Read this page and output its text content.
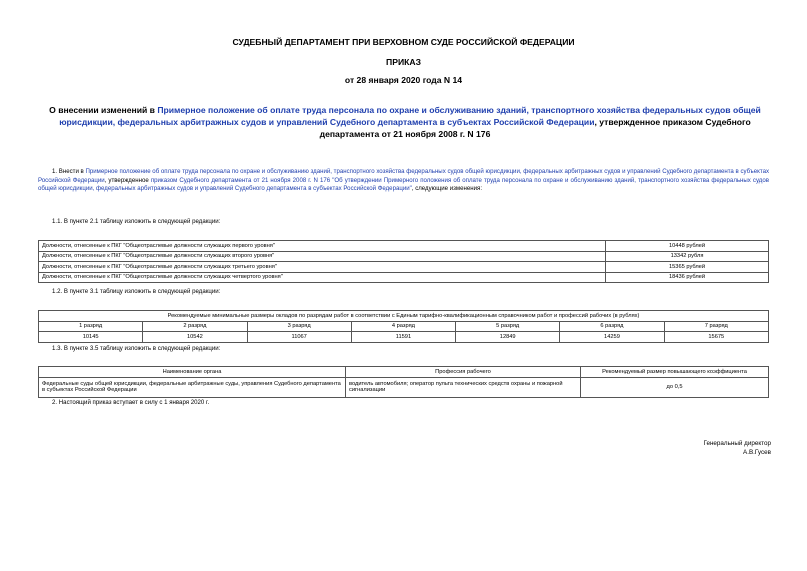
СУДЕБНЫЙ ДЕПАРТАМЕНТ ПРИ ВЕРХОВНОМ СУДЕ РОССИЙСКОЙ ФЕДЕРАЦИИ
ПРИКАЗ
от 28 января 2020 года N 14
О внесении изменений в Примерное положение об оплате труда персонала по охране и обслуживанию зданий, транспортного хозяйства федеральных судов общей юрисдикции, федеральных арбитражных судов и управлений Судебного департамента в субъектах Российской Федерации, утвержденное приказом Судебного департамента от 21 ноября 2008 г. N 176
1. Внести в Примерное положение об оплате труда персонала по охране и обслуживанию зданий, транспортного хозяйства федеральных судов общей юрисдикции, федеральных арбитражных судов и управлений Судебного департамента в субъектах Российской Федерации, утвержденное приказом Судебного департамента от 21 ноября 2008 г. N 176 "Об утверждении Примерного положения об оплате труда персонала по охране и обслуживанию зданий, транспортного хозяйства федеральных судов общей юрисдикции, федеральных арбитражных судов и управлений Судебного департамента в субъектах Российской Федерации", следующие изменения:
1.1. В пункте 2.1 таблицу изложить в следующей редакции:
Должности, отнесенные к ПКГ "Общеотраслевые должности служащих первого уровня"	10448 рублей
Должности, отнесенные к ПКГ "Общеотраслевые должности служащих второго уровня"	13342 рубля
Должности, отнесенные к ПКГ "Общеотраслевые должности служащих третьего уровня"	15365 рублей
Должности, отнесенные к ПКГ "Общеотраслевые должности служащих четвертого уровня"	18436 рублей
1.2. В пункте 3.1 таблицу изложить в следующей редакции:
Рекомендуемые минимальные размеры окладов по разрядам работ в соответствии с Единым тарифно-квалификационным справочником работ и профессий рабочих (в рублях)						
1 разряд	2 разряд	3 разряд	4 разряд	5 разряд	6 разряд	7 разряд
10145	10542	11067	11591	12849	14259	15675
1.3. В пункте 3.5 таблицу изложить в следующей редакции:
Наименование органа	Профессия рабочего	Рекомендуемый размер повышающего коэффициента
Федеральные суды общей юрисдикции, федеральные арбитражные суды, управления Судебного департамента в субъектах Российской Федерации	водитель автомобиля; оператор пульта технических средств охраны и пожарной сигнализации	до 0,5
2. Настоящий приказ вступает в силу с 1 января 2020 г.
Генеральный директор
А.В.Гусев
